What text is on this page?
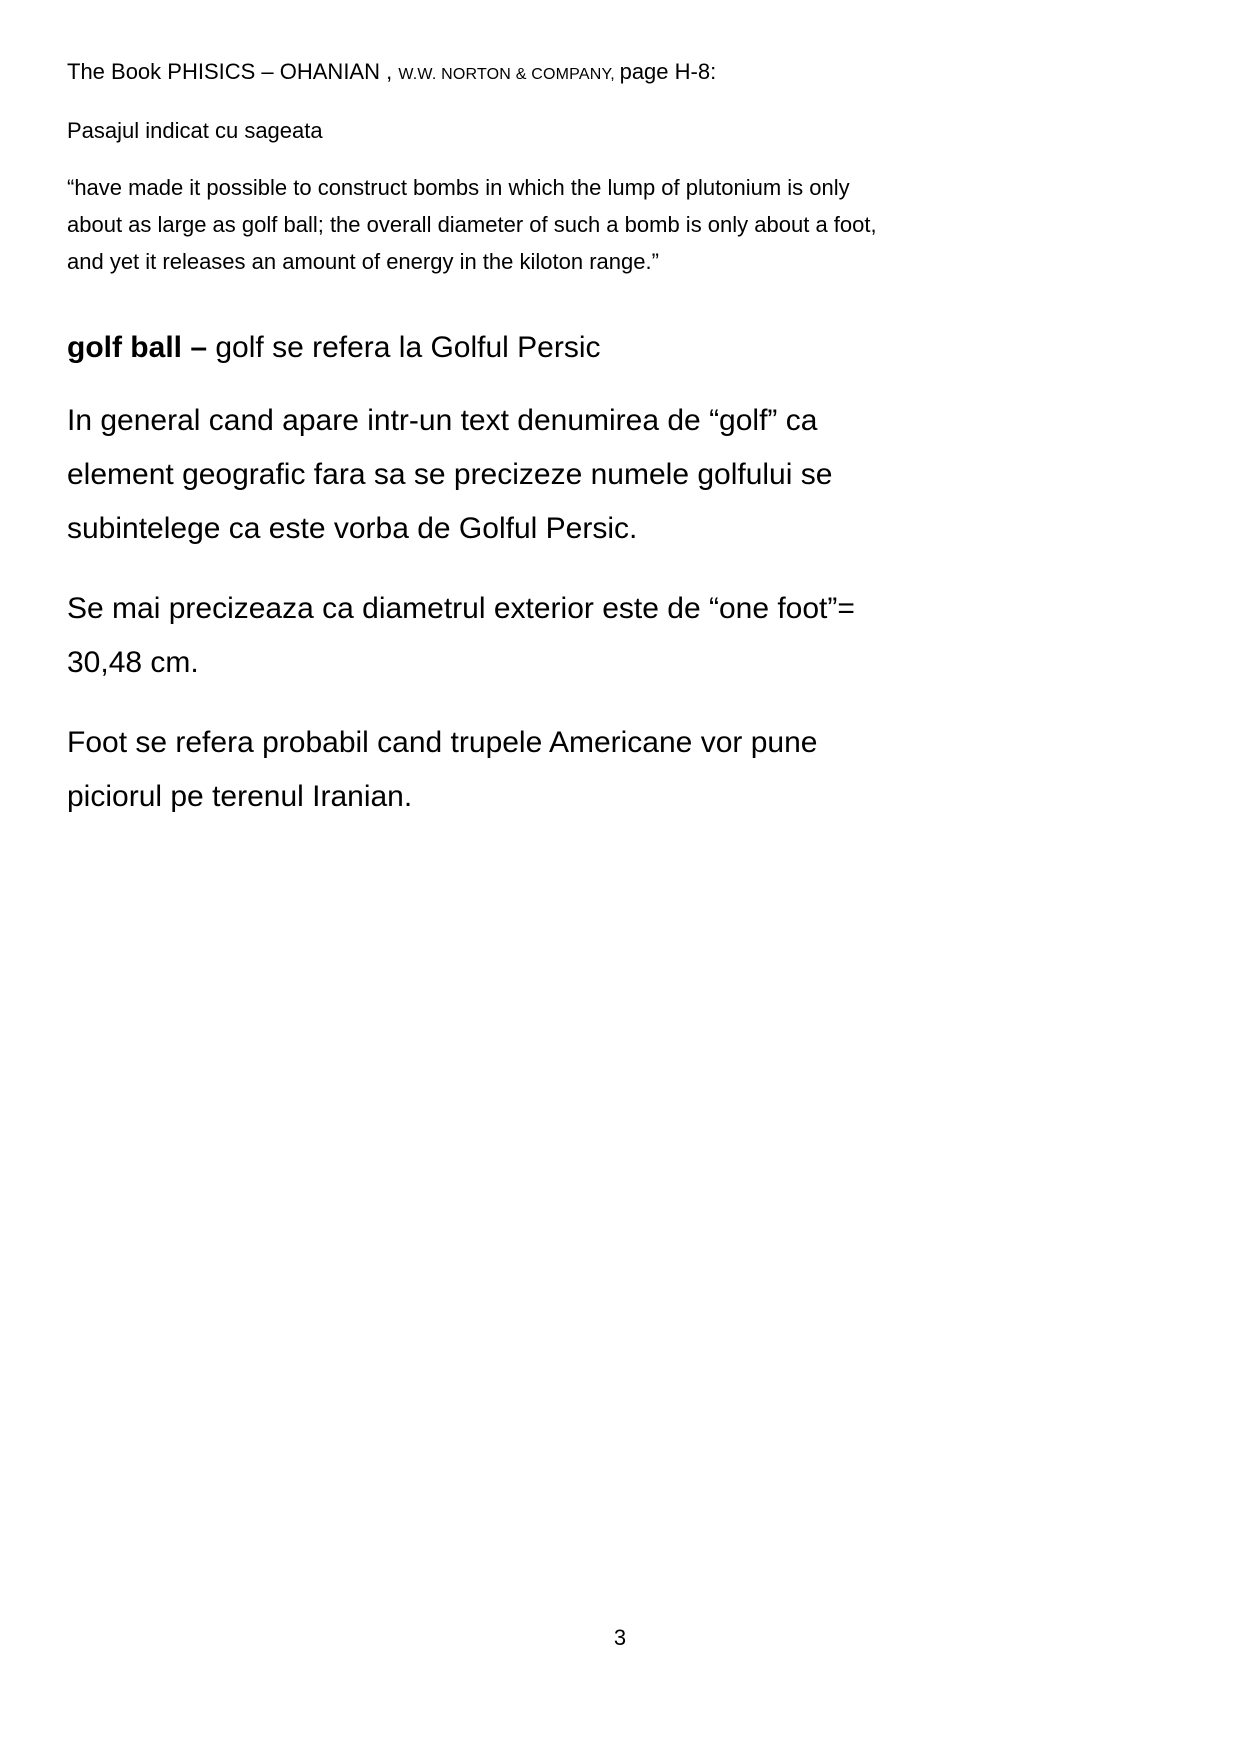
The Book PHISICS – OHANIAN , W.W. NORTON & COMPANY, page H-8:
Pasajul indicat cu sageata
“have made it possible to construct bombs in which the lump of plutonium is only
about as large as golf ball; the overall diameter of such a bomb is only about a foot,
and yet it releases an amount of energy in the kiloton range.”
golf ball – golf se refera la Golful Persic
In general cand apare intr-un text denumirea de “golf” ca
element geografic fara sa se precizeze numele golfului se
subintelege ca este vorba de Golful Persic.
Se mai precizeaza ca diametrul exterior este de “one foot”=
30,48 cm.
Foot se refera probabil cand trupele Americane vor pune
piciorul pe terenul Iranian.
3
